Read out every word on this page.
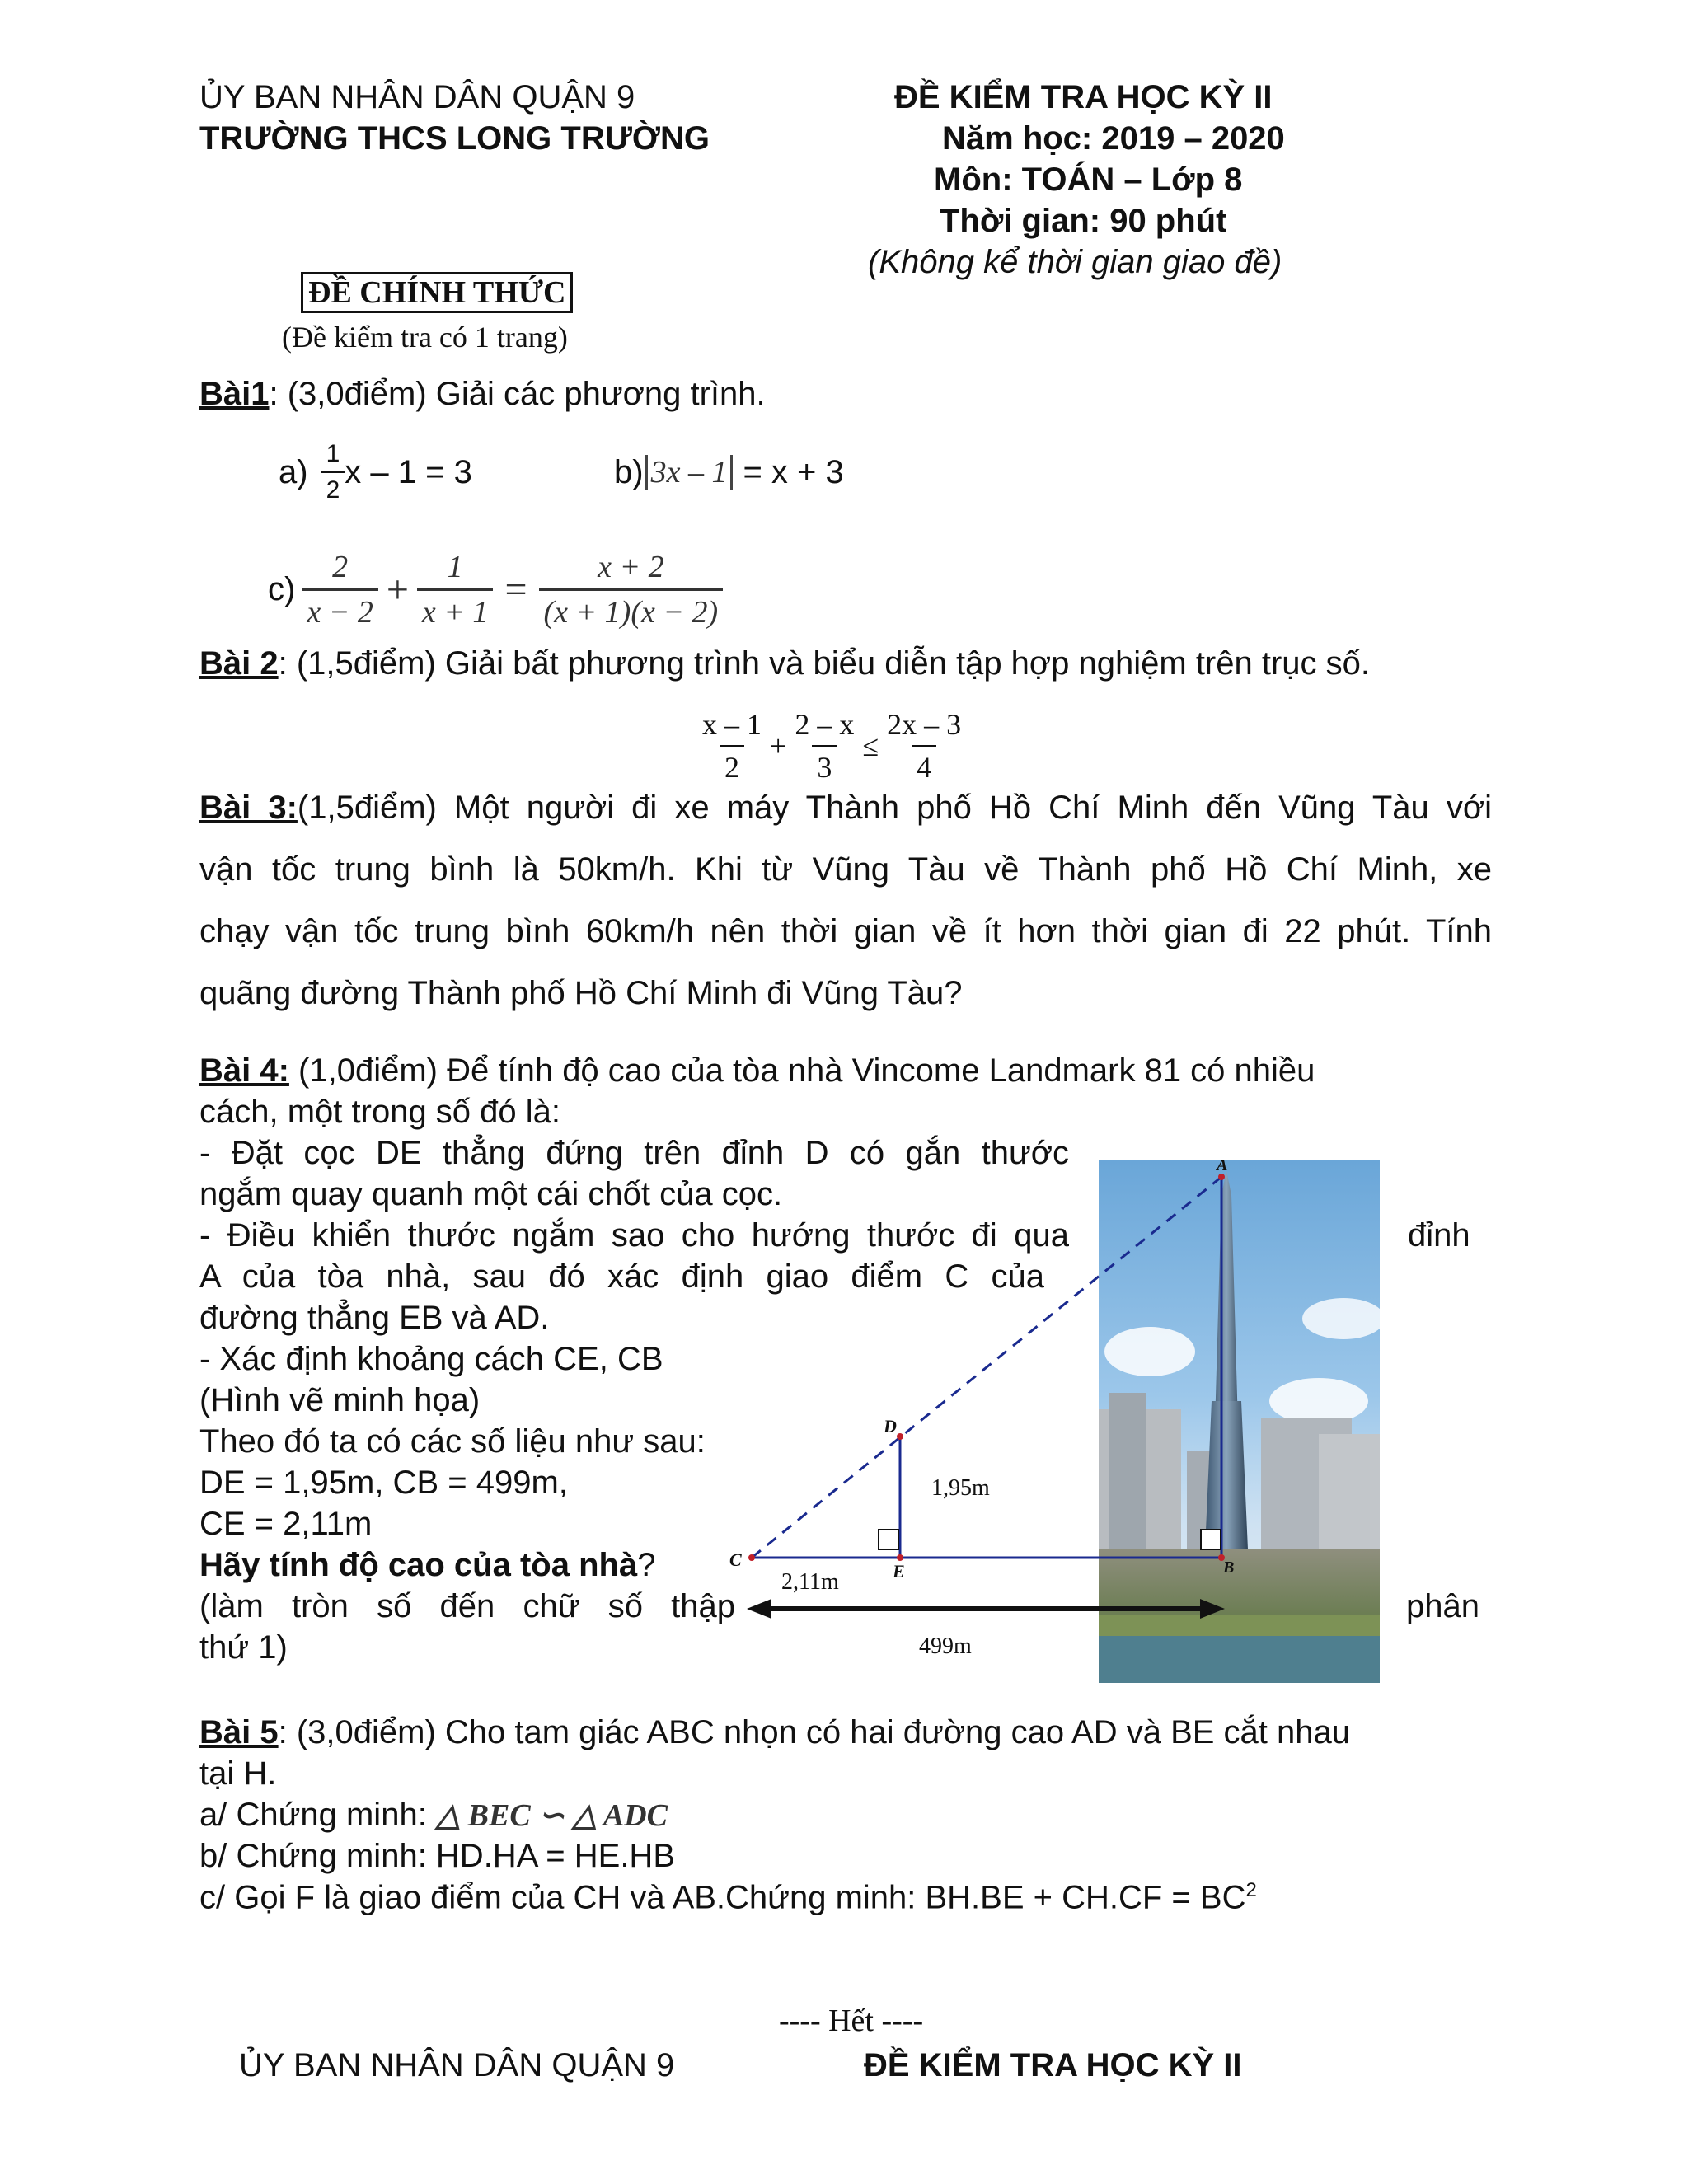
ỦY BAN NHÂN DÂN QUẬN 9
TRƯỜNG THCS LONG TRƯỜNG
ĐỀ KIỂM TRA HỌC KỲ II
Năm học: 2019 – 2020
Môn: TOÁN – Lớp 8
Thời gian: 90 phút
(Không kể thời gian giao đề)
ĐỀ CHÍNH THỨC
(Đề kiểm tra có 1 trang)
Bài1: (3,0điểm) Giải các phương trình.
$a) \frac{1}{2}$ x – 1 = 3	b) 3x – 1 = x + 3
$c) \frac{2}{x - 2} + \frac{1}{x + 1} = \frac{x + 2}{(x + 1)(x - 2)}$
Bài 2: (1,5điểm) Giải bất phương trình và biểu diễn tập hợp nghiệm trên trục số.
$\frac{x - 1}{2} + \frac{2 - x}{3} \le \frac{2x - 3}{4}$
Bài 3:(1,5điểm) Một người đi xe máy Thành phố Hồ Chí Minh đến Vũng Tàu với
vận tốc trung bình là 50km/h. Khi từ Vũng Tàu về Thành phố Hồ Chí Minh, xe
chạy vận tốc trung bình 60km/h nên thời gian về ít hơn thời gian đi 22 phút. Tính
quãng đường Thành phố Hồ Chí Minh đi Vũng Tàu?
Bài 4: (1,0điểm) Để tính độ cao của tòa nhà Vincome Landmark 81 có nhiều
cách, một trong số đó là:
- Đặt cọc DE thẳng đứng trên đỉnh D có gắn thước
ngắm quay quanh một cái chốt của cọc.
- Điều khiển thước ngắm sao cho hướng thước đi qua	đỉnh
A của tòa nhà, sau đó xác định giao điểm C của
đường thẳng EB và AD.
- Xác định khoảng cách CE, CB
(Hình vẽ minh họa)
Theo đó ta có các số liệu như sau:
DE = 1,95m, CB = 499m,
CE = 2,11m
Hãy tính độ cao của tòa nhà?
(làm tròn số đến chữ số thập	phân
thứ 1)
A
B
C
D
E
1,95m
2,11m
499m
Bài 5: (3,0điểm) Cho tam giác ABC nhọn có hai đường cao AD và BE cắt nhau
tại H.
a/ Chứng minh: △ BEC ∽ △ ADC
b/ Chứng minh: HD.HA = HE.HB
c/ Gọi F là giao điểm của CH và AB.Chứng minh: $BH.BE + CH.CF = BC^2$
---- Hết ----
ỦY BAN NHÂN DÂN QUẬN 9	ĐỀ KIỂM TRA HỌC KỲ II
